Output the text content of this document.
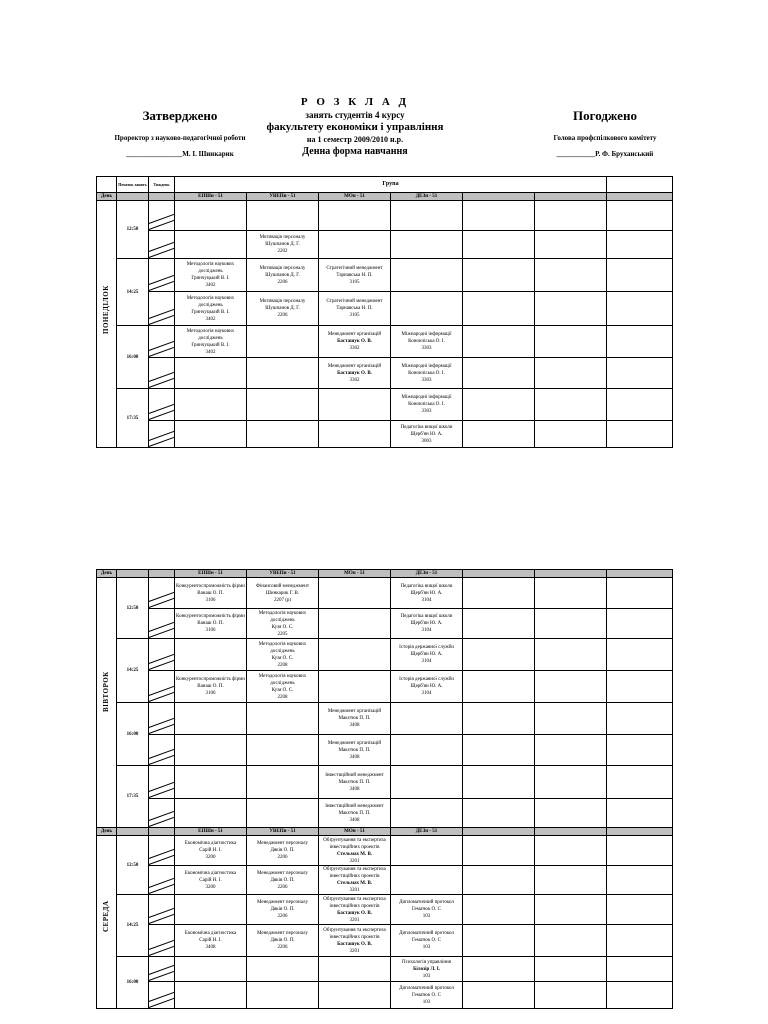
Затверджено
Проректор з науково-педагогічної роботи
________________М. І. Шинкарик
Р О З К Л А Д
занять студентів 4 курсу
факультету економіки і управління
на 1 семестр 2009/2010 н.р.
Денна форма навчання
Погоджено
Голова профспілкового комітету
___________Р. Ф. Бруханський

	Початок занять	Тиждень	Група						
День			ЕПШн - 51	УВЕПн - 51	МОн - 51	ДЕЗн - 51			

ПОНЕДІЛОК	12:50	

				Мотивація персоналу
Шушпанов Д. Г.
2202					

	14:25		Методологія наукових досліджень
Гринчуцький В. І.
3402	Мотивація персоналу
Шушпанов Д. Г.
2206	Стратегічний менеджмент
Тарнавська Н. П.
3105				

			Методологія наукових досліджень
Гринчуцький В. І.
3402	Мотивація персоналу
Шушпанов Д. Г.
2206	Стратегічний менеджмент
Тарнавська Н. П.
3105				

	16:00		Методологія наукових досліджень
Гринчуцький В. І.
3402		Менеджмент організацій
Басташук О. В.
3302	Міжнародні інформації
Кононліська О. І.
3303			

					Менеджмент організацій
Басташук О. В.
3302	Міжнародні інформації
Кононліська О. І.
3303			

	17:35					Міжнародні інформації
Кононліська О. І.
3303			

						Педагогіка вищої школи
Щерб'ян Ю. А.
3003			

День			ЕПШн - 51	УВЕПн - 51	МОн - 51	ДЕЗн - 51			

ВІВТОРОК	12:50		Конкурентоспроможність фірми
Ванаш О. П.
3106	Фінансовий менеджмент
Шинкарик Г. В.
2207 (р)		Педагогіка вищої школи
Щерб'ян Ю. А.
3104			

			Конкурентоспроможність фірми
Ванаш О. П.
3106	Методологія наукових досліджень
Кузя О. С.
2205		Педагогіка вищої школи
Щерб'ян Ю. А.
3104			

	14:25			Методологія наукових досліджень
Кузя О. С.
2208		Історія державної служби
Щерб'ян Ю. А.
3104			

			Конкурентоспроможність фірми
Ванаш О. П.
3106	Методологія наукових досліджень
Кузя О. С.
2208		Історія державної служби
Щерб'ян Ю. А.
3104			

	16:00				Менеджмент організацій
Макєтюк П. П.
3408				

					Менеджмент організацій
Макєтюк П. П.
3408				

	17:35				Інвестиційний менеджмент
Макєтюк П. П.
3408				

					Інвестиційний менеджмент
Макєтюк П. П.
3408				

День			ЕПШн - 51	УВЕПн - 51	МОн - 51	ДЕЗн - 51			

СЕРЕДА	12:50		Економічна діагностика
Сарій Н. І.
3200	Менеджмент персоналу
Дяків О. П.
2206	Обґрунтування та експертиза інвестиційних проектів
Стельмах М. В.
3201				

			Економічна діагностика
Сарій Н. І.
3200	Менеджмент персоналу
Дяків О. П.
2206	Обґрунтування та експертиза інвестиційних проектів
Стельмах М. В.
3201				

	14:25			Менеджмент персоналу
Дяків О. П.
2206	Обґрунтування та експертиза інвестиційних проектів
Басташук О. В.
3201	Дипломатичний протокол
Гематюк О. С
103			

			Економічна діагностика
Сарій Н. І.
3408	Менеджмент персоналу
Дяків О. П.
2206	Обґрунтування та експертиза інвестиційних проектів
Басташук О. В.
3201	Дипломатичний протокол
Гематюк О. С
103			

	16:00					Психологія управління
Білозір Л. І.
103			

						Дипломатичний протокол
Гематюк О. С
103			
